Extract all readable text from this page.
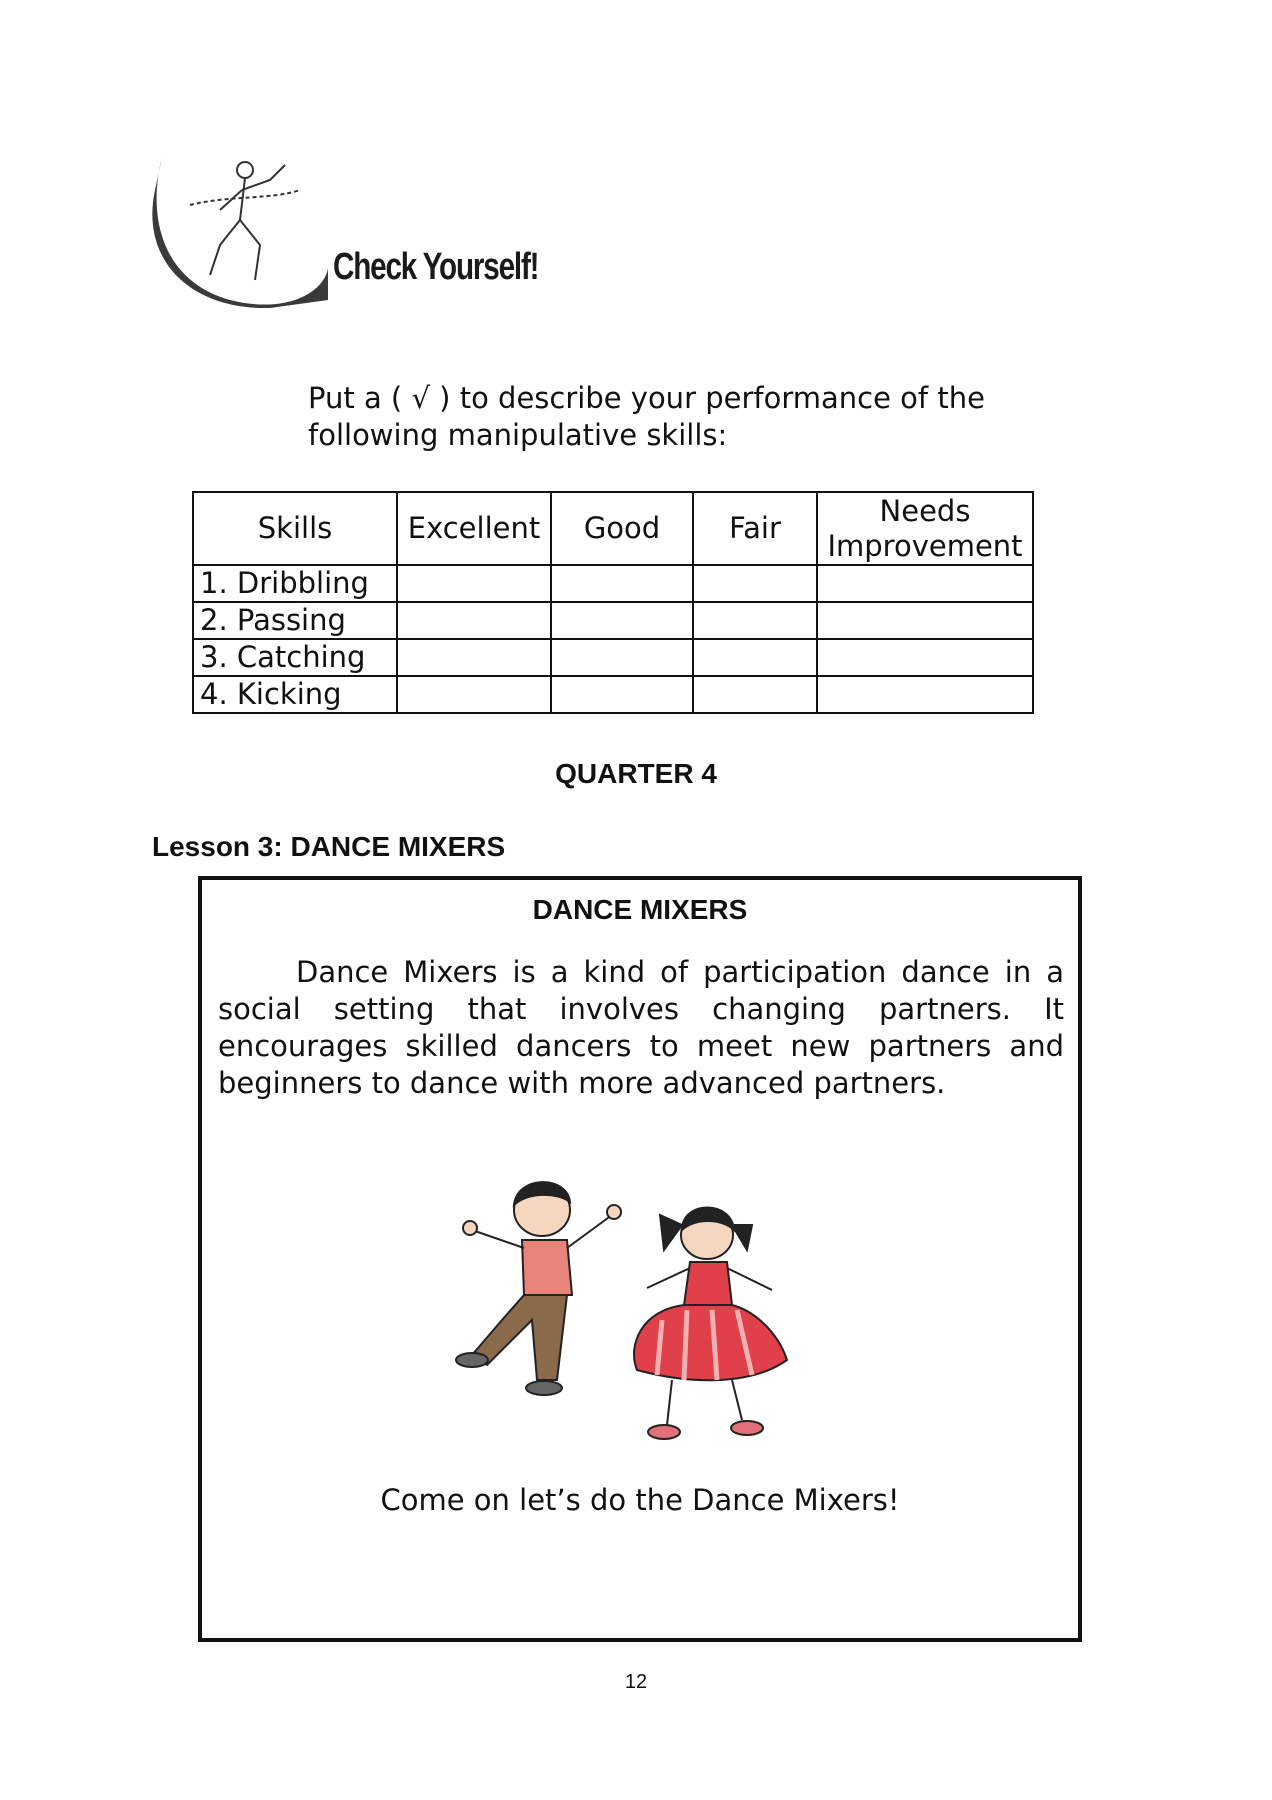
Check Yourself!
Put a ( √ ) to describe your performance of the following manipulative skills:
Skills	Excellent	Good	Fair	Needs Improvement
1. Dribbling				
2. Passing				
3. Catching				
4. Kicking				
QUARTER 4
Lesson 3: DANCE MIXERS
DANCE MIXERS
Dance Mixers is a kind of participation dance in a social setting that involves changing partners. It encourages skilled dancers to meet new partners and beginners to dance with more advanced partners.
Come on let’s do the Dance Mixers!
12
